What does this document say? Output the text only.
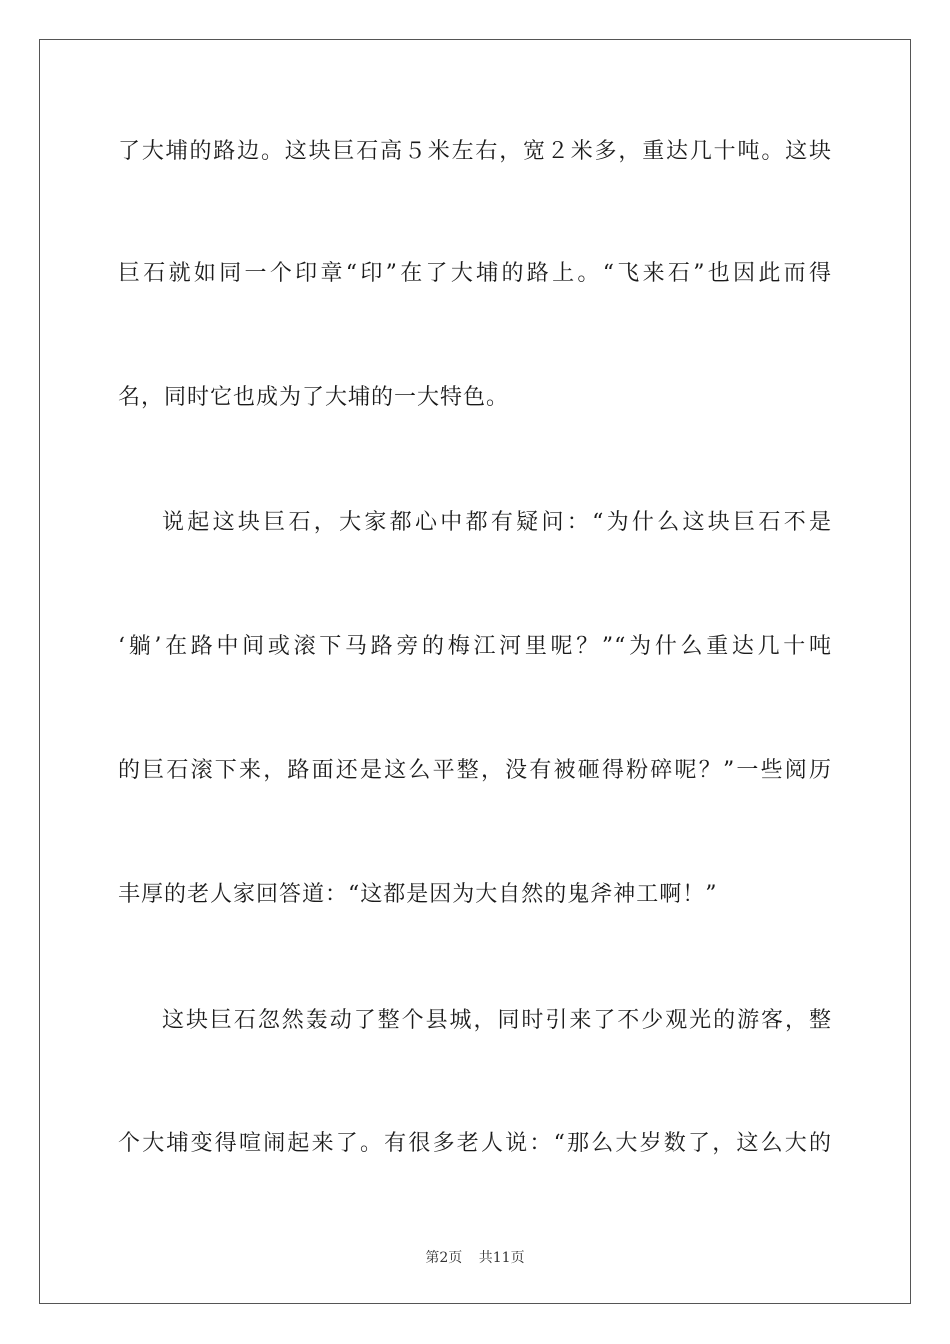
了大埔的路边。这块巨石高５米左右，宽２米多，重达几十吨。这块
巨石就如同一个印章“印”在了大埔的路上。“飞来石”也因此而得
名，同时它也成为了大埔的一大特色。
说起这块巨石，大家都心中都有疑问：“为什么这块巨石不是
‘躺’在路中间或滚下马路旁的梅江河里呢？”“为什么重达几十吨
的巨石滚下来，路面还是这么平整，没有被砸得粉碎呢？”一些阅历
丰厚的老人家回答道：“这都是因为大自然的鬼斧神工啊！”
这块巨石忽然轰动了整个县城，同时引来了不少观光的游客，整
个大埔变得喧闹起来了。有很多老人说：“那么大岁数了，这么大的
第2页 共11页
